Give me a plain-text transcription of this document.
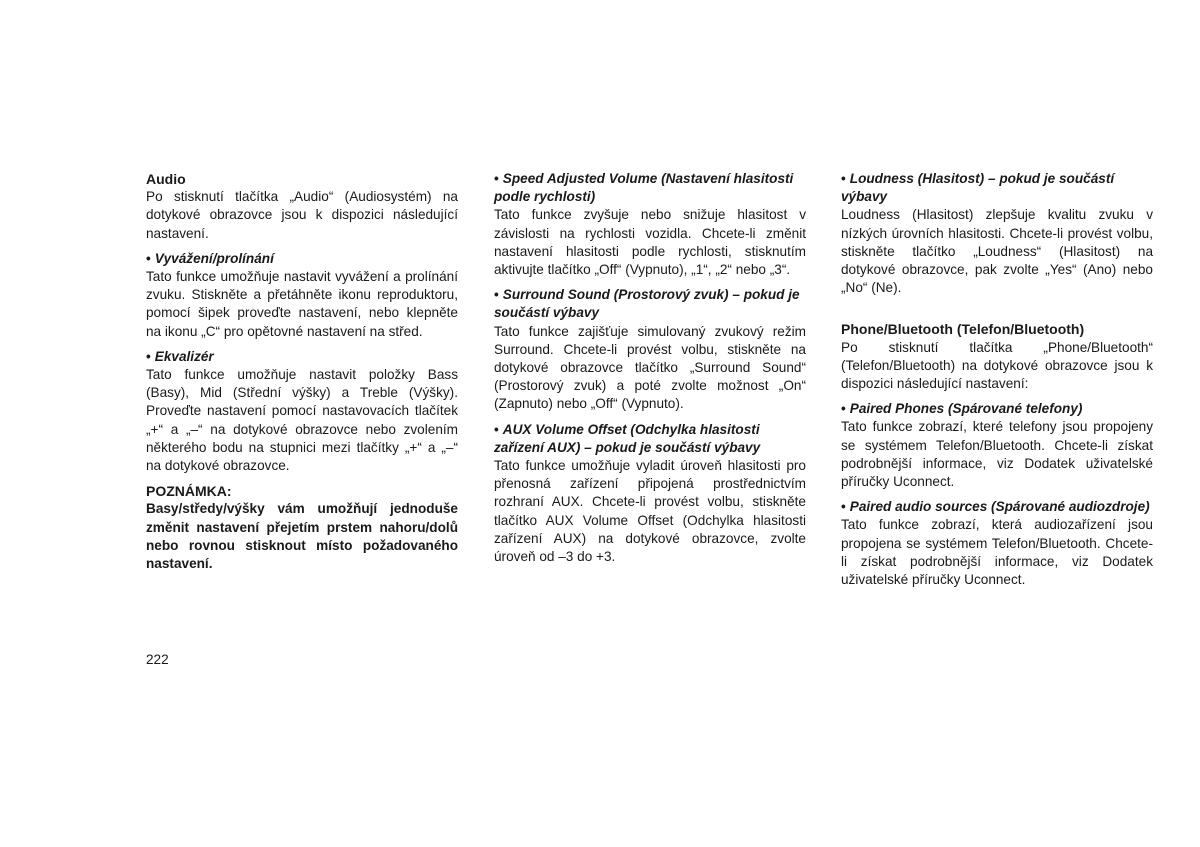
Audio

Po stisknutí tlačítka „Audio“ (Audiosystém) na dotykové obrazovce jsou k dispozici následující nastavení.

• Vyvážení/prolínání

Tato funkce umožňuje nastavit vyvážení a prolínání zvuku. Stiskněte a přetáhněte ikonu reproduktoru, pomocí šipek proveďte nastavení, nebo klepněte na ikonu „C“ pro opětovné nastavení na střed.

• Ekvalizér

Tato funkce umožňuje nastavit položky Bass (Basy), Mid (Střední výšky) a Treble (Výšky). Proveďte nastavení pomocí nastavovacích tlačítek „+“ a „–“ na dotykové obrazovce nebo zvolením některého bodu na stupnici mezi tlačítky „+“ a „–“ na dotykové obrazovce.

POZNÁMKA:

Basy/středy/výšky vám umožňují jednoduše změnit nastavení přejetím prstem nahoru/dolů nebo rovnou stisknout místo požadovaného nastavení.

• Speed Adjusted Volume (Nastavení hlasitosti podle rychlosti)

Tato funkce zvyšuje nebo snižuje hlasitost v závislosti na rychlosti vozidla. Chcete-li změnit nastavení hlasitosti podle rychlosti, stisknutím aktivujte tlačítko „Off“ (Vypnuto), „1“, „2“ nebo „3“.

• Surround Sound (Prostorový zvuk) – pokud je součástí výbavy

Tato funkce zajišťuje simulovaný zvukový režim Surround. Chcete-li provést volbu, stiskněte na dotykové obrazovce tlačítko „Surround Sound“ (Prostorový zvuk) a poté zvolte možnost „On“ (Zapnuto) nebo „Off“ (Vypnuto).

• AUX Volume Offset (Odchylka hlasitosti zařízení AUX) – pokud je součástí výbavy

Tato funkce umožňuje vyladit úroveň hlasitosti pro přenosná zařízení připojená prostřednictvím rozhraní AUX. Chcete-li provést volbu, stiskněte tlačítko AUX Volume Offset (Odchylka hlasitosti zařízení AUX) na dotykové obrazovce, zvolte úroveň od –3 do +3.

• Loudness (Hlasitost) – pokud je součástí výbavy

Loudness (Hlasitost) zlepšuje kvalitu zvuku v nízkých úrovních hlasitosti. Chcete-li provést volbu, stiskněte tlačítko „Loudness“ (Hlasitost) na dotykové obrazovce, pak zvolte „Yes“ (Ano) nebo „No“ (Ne).

Phone/Bluetooth (Telefon/Bluetooth)

Po stisknutí tlačítka „Phone/Bluetooth“ (Telefon/Bluetooth) na dotykové obrazovce jsou k dispozici následující nastavení:

• Paired Phones (Spárované telefony)

Tato funkce zobrazí, které telefony jsou propojeny se systémem Telefon/Bluetooth. Chcete-li získat podrobnější informace, viz Dodatek uživatelské příručky Uconnect.

• Paired audio sources (Spárované audiozdroje)

Tato funkce zobrazí, která audiozařízení jsou propojena se systémem Telefon/Bluetooth. Chcete-li získat podrobnější informace, viz Dodatek uživatelské příručky Uconnect.

222
